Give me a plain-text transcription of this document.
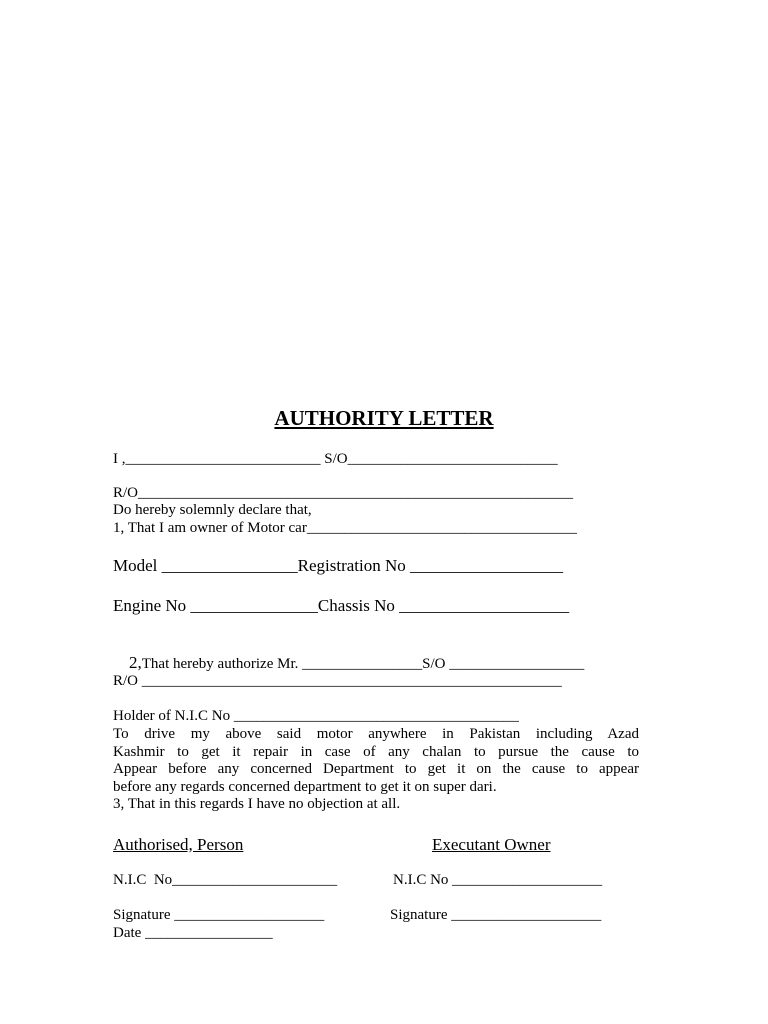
AUTHORITY LETTER
I ,__________________________ S/O____________________________
R/O__________________________________________________________
Do hereby solemnly declare that,
1, That I am owner of Motor car____________________________________
Model ________________Registration No __________________
Engine No _______________Chassis No ____________________

2,That hereby authorize Mr. ________________S/O __________________

R/O ________________________________________________________
Holder of N.I.C No ______________________________________
To drive my above said motor anywhere in Pakistan including Azad
Kashmir to get it repair in case of any chalan to pursue the cause to
Appear before any concerned Department to get it on the cause to appear
before any regards concerned department to get it on super dari.
3, That in this regards I have no objection at all.
Authorised, Person	Executant Owner
N.I.C  No______________________	N.I.C No ____________________
Signature ____________________	Signature ____________________
Date _________________
